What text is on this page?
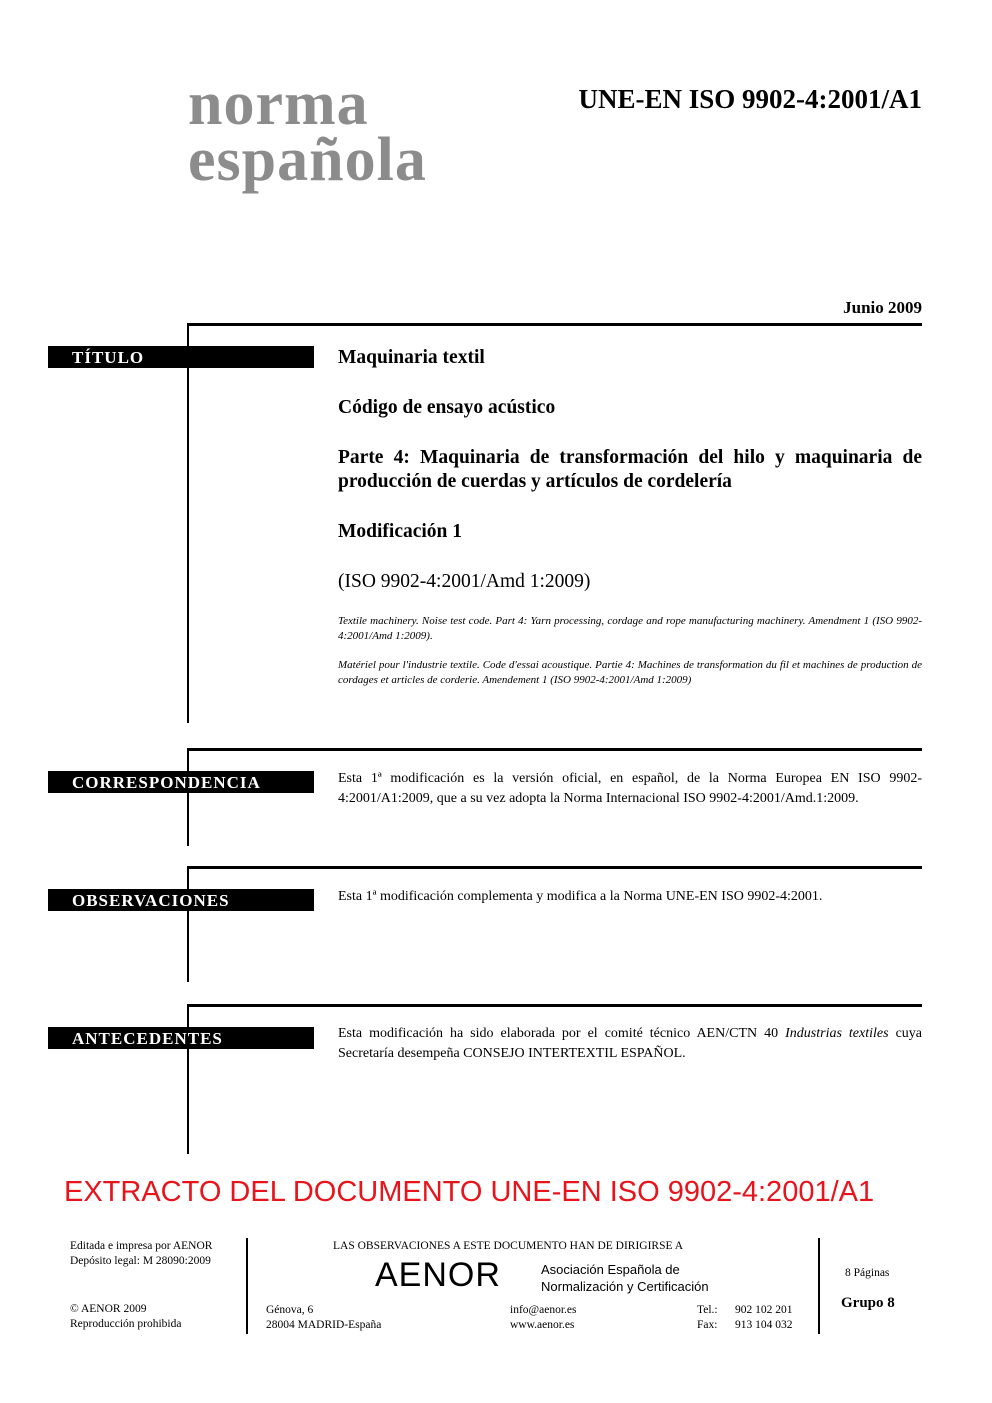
norma
española
UNE-EN ISO 9902-4:2001/A1
Junio 2009
TÍTULO	Maquinaria textil
Código de ensayo acústico
Parte 4: Maquinaria de transformación del hilo y maquinaria de producción de cuerdas y artículos de cordelería
Modificación 1
(ISO 9902-4:2001/Amd 1:2009)
Textile machinery. Noise test code. Part 4: Yarn processing, cordage and rope manufacturing machinery. Amendment 1 (ISO 9902-4:2001/Amd 1:2009).
Matériel pour l'industrie textile. Code d'essai acoustique. Partie 4: Machines de transformation du fil et machines de production de cordages et articles de corderie. Amendement 1 (ISO 9902-4:2001/Amd 1:2009)
CORRESPONDENCIA	Esta 1ª modificación es la versión oficial, en español, de la Norma Europea EN ISO 9902-4:2001/A1:2009, que a su vez adopta la Norma Internacional ISO 9902-4:2001/Amd.1:2009.
OBSERVACIONES	Esta 1ª modificación complementa y modifica a la Norma UNE-EN ISO 9902-4:2001.
ANTECEDENTES	Esta modificación ha sido elaborada por el comité técnico AEN/CTN 40 Industrias textiles cuya Secretaría desempeña CONSEJO INTERTEXTIL ESPAÑOL.
EXTRACTO DEL DOCUMENTO UNE-EN ISO 9902-4:2001/A1
Editada e impresa por AENOR
Depósito legal: M 28090:2009
© AENOR 2009
Reproducción prohibida
LAS OBSERVACIONES A ESTE DOCUMENTO HAN DE DIRIGIRSE A
AENOR	Asociación Española de
Normalización y Certificación
Génova, 6
28004 MADRID-España
info@aenor.es
www.aenor.es
Tel.: 902 102 201
Fax: 913 104 032
8 Páginas
Grupo 8
